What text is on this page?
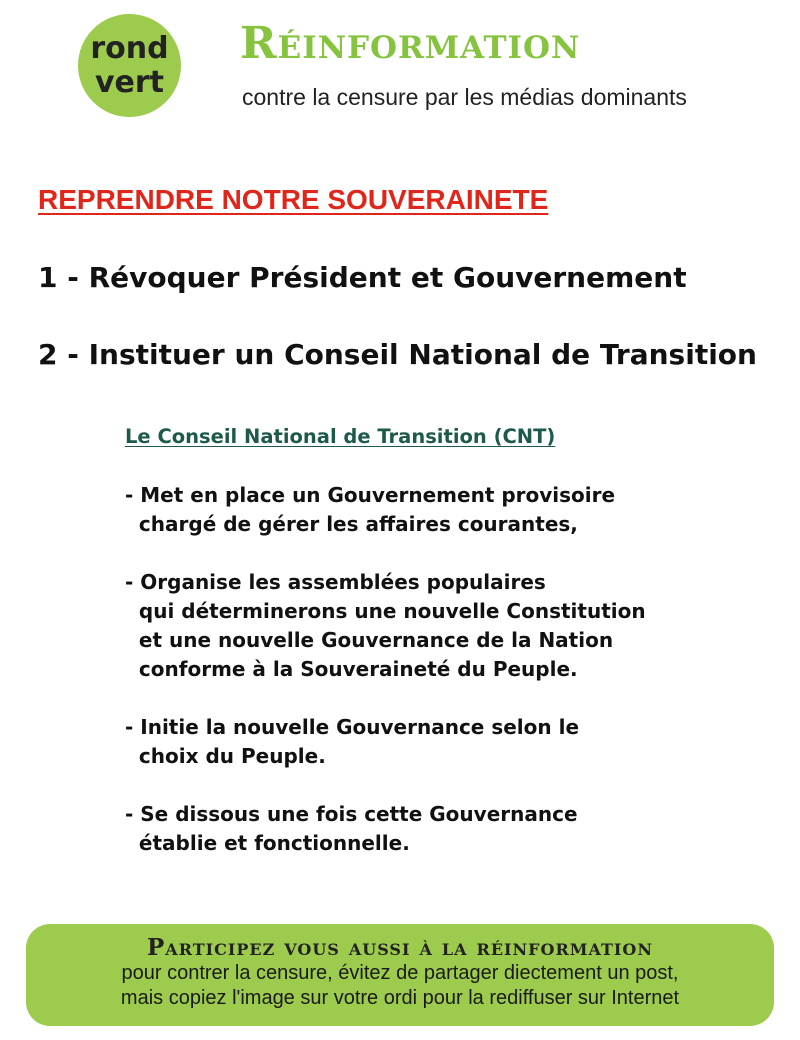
rond
vert
Réinformation
contre la censure par les médias dominants
REPRENDRE NOTRE SOUVERAINETE
1 - Révoquer Président et Gouvernement
2 - Instituer un Conseil National de Transition
Le Conseil National de Transition (CNT)
- Met en place un Gouvernement provisoire
chargé de gérer les affaires courantes,
- Organise les assemblées populaires
qui déterminerons une nouvelle Constitution
et une nouvelle Gouvernance de la Nation
conforme à la Souveraineté du Peuple.
- Initie la nouvelle Gouvernance selon le
choix du Peuple.
- Se dissous une fois cette Gouvernance
établie et fonctionnelle.
Participez vous aussi à la réinformation
pour contrer la censure, évitez de partager diectement un post,
mais copiez l'image sur votre ordi pour la rediffuser sur Internet
